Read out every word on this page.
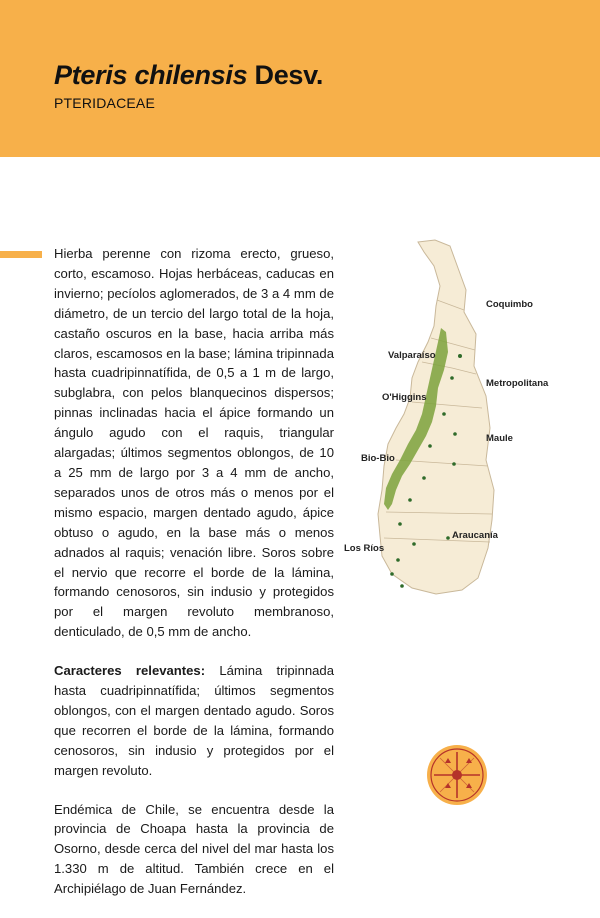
Pteris chilensis Desv.
PTERIDACEAE

Hierba perenne con rizoma erecto, grueso, corto, escamoso. Hojas herbáceas, caducas en invierno; pecíolos aglomerados, de 3 a 4 mm de diámetro, de un tercio del largo total de la hoja, castaño oscuros en la base, hacia arriba más claros, escamosos en la base; lámina tripinnada hasta cuadripinnatífida, de 0,5 a 1 m de largo, subglabra, con pelos blanquecinos dispersos; pinnas inclinadas hacia el ápice formando un ángulo agudo con el raquis, triangular alargadas; últimos segmentos oblongos, de 10 a 25 mm de largo por 3 a 4 mm de ancho, separados unos de otros más o menos por el mismo espacio, margen dentado agudo, ápice obtuso o agudo, en la base más o menos adnados al raquis; venación libre. Soros sobre el nervio que recorre el borde de la lámina, formando cenosoros, sin indusio y protegidos por el margen revoluto membranoso, denticulado, de 0,5 mm de ancho.

Caracteres relevantes: Lámina tripinnada hasta cuadripinnatífida; últimos segmentos oblongos, con el margen dentado agudo. Soros que recorren el borde de la lámina, formando cenosoros, sin indusio y protegidos por el margen revoluto.

Endémica de Chile, se encuentra desde la provincia de Choapa hasta la provincia de Osorno, desde cerca del nivel del mar hasta los 1.330 m de altitud. También crece en el Archipiélago de Juan Fernández.

Coquimbo
Valparaíso
Metropolitana
O'Higgins
Maule
Bio-Bio
Araucanía
Los Ríos
